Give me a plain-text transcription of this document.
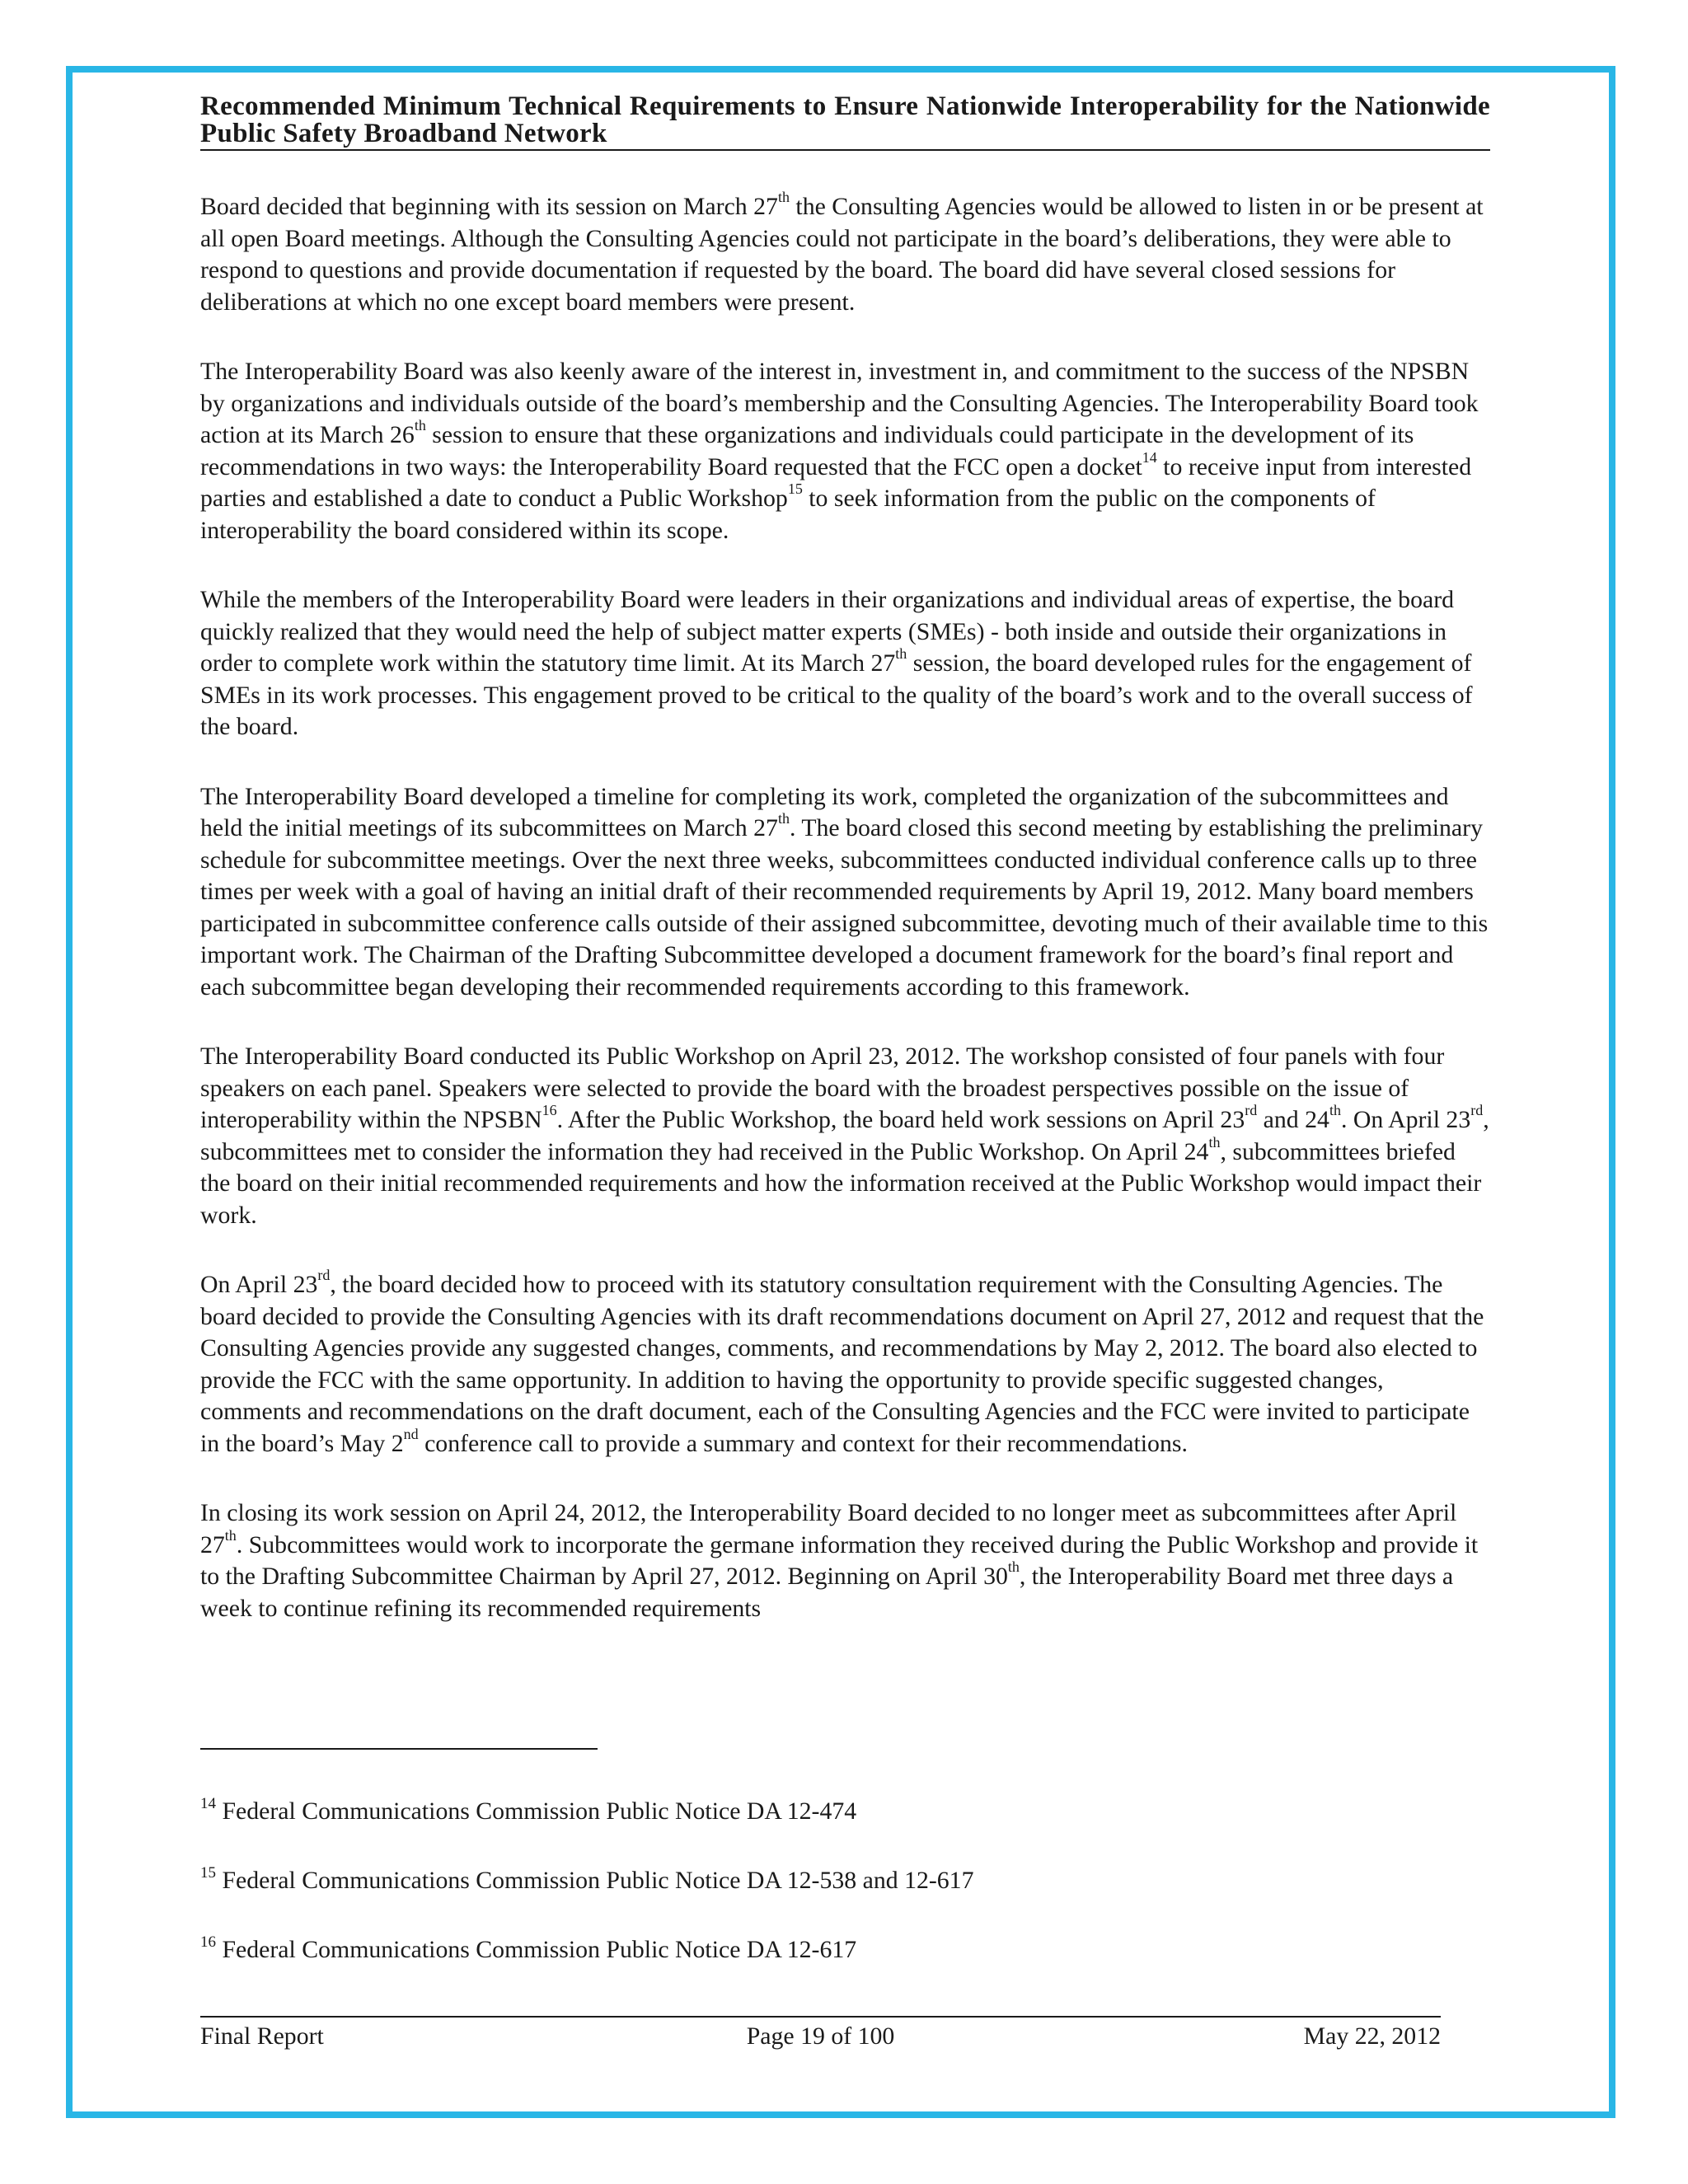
Recommended Minimum Technical Requirements to Ensure Nationwide Interoperability for the Nationwide Public Safety Broadband Network

Board decided that beginning with its session on March 27th the Consulting Agencies would be allowed to listen in or be present at all open Board meetings. Although the Consulting Agencies could not participate in the board’s deliberations, they were able to respond to questions and provide documentation if requested by the board. The board did have several closed sessions for deliberations at which no one except board members were present.

The Interoperability Board was also keenly aware of the interest in, investment in, and commitment to the success of the NPSBN by organizations and individuals outside of the board’s membership and the Consulting Agencies. The Interoperability Board took action at its March 26th session to ensure that these organizations and individuals could participate in the development of its recommendations in two ways: the Interoperability Board requested that the FCC open a docket$^{14}$ to receive input from interested parties and established a date to conduct a Public Workshop$^{15}$ to seek information from the public on the components of interoperability the board considered within its scope.

While the members of the Interoperability Board were leaders in their organizations and individual areas of expertise, the board quickly realized that they would need the help of subject matter experts (SMEs) - both inside and outside their organizations in order to complete work within the statutory time limit. At its March 27th session, the board developed rules for the engagement of SMEs in its work processes. This engagement proved to be critical to the quality of the board’s work and to the overall success of the board.

The Interoperability Board developed a timeline for completing its work, completed the organization of the subcommittees and held the initial meetings of its subcommittees on March 27th. The board closed this second meeting by establishing the preliminary schedule for subcommittee meetings. Over the next three weeks, subcommittees conducted individual conference calls up to three times per week with a goal of having an initial draft of their recommended requirements by April 19, 2012. Many board members participated in subcommittee conference calls outside of their assigned subcommittee, devoting much of their available time to this important work. The Chairman of the Drafting Subcommittee developed a document framework for the board’s final report and each subcommittee began developing their recommended requirements according to this framework.

The Interoperability Board conducted its Public Workshop on April 23, 2012. The workshop consisted of four panels with four speakers on each panel. Speakers were selected to provide the board with the broadest perspectives possible on the issue of interoperability within the NPSBN$^{16}$. After the Public Workshop, the board held work sessions on April 23rd and 24th. On April 23rd, subcommittees met to consider the information they had received in the Public Workshop. On April 24th, subcommittees briefed the board on their initial recommended requirements and how the information received at the Public Workshop would impact their work.

On April 23rd, the board decided how to proceed with its statutory consultation requirement with the Consulting Agencies. The board decided to provide the Consulting Agencies with its draft recommendations document on April 27, 2012 and request that the Consulting Agencies provide any suggested changes, comments, and recommendations by May 2, 2012. The board also elected to provide the FCC with the same opportunity. In addition to having the opportunity to provide specific suggested changes, comments and recommendations on the draft document, each of the Consulting Agencies and the FCC were invited to participate in the board’s May 2nd conference call to provide a summary and context for their recommendations.

In closing its work session on April 24, 2012, the Interoperability Board decided to no longer meet as subcommittees after April 27th. Subcommittees would work to incorporate the germane information they received during the Public Workshop and provide it to the Drafting Subcommittee Chairman by April 27, 2012. Beginning on April 30th, the Interoperability Board met three days a week to continue refining its recommended requirements

$^{14}$ Federal Communications Commission Public Notice DA 12-474

$^{15}$ Federal Communications Commission Public Notice DA 12-538 and 12-617

$^{16}$ Federal Communications Commission Public Notice DA 12-617

Final Report	Page 19 of 100	May 22, 2012
